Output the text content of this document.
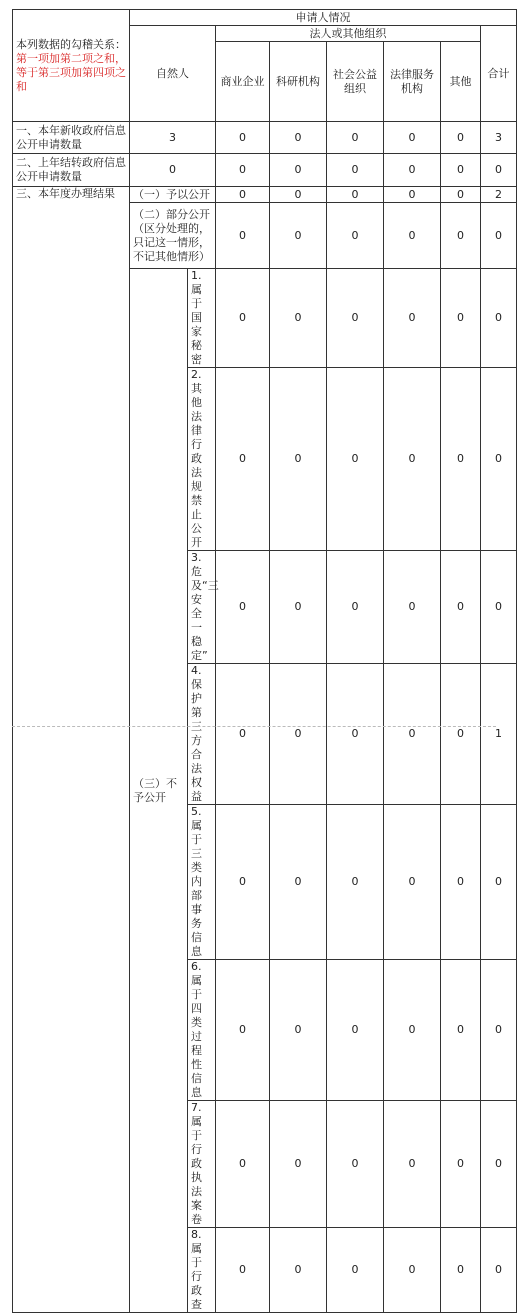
本列数据的勾稽关系：第一项加第二项之和，等于第三项加第四项之和	申请人情况							
	自然人		法人或其他组织					合计
			商业企业	科研机构	社会公益组织	法律服务机构	其他	
一、本年新收政府信息公开申请数量	3		0	0	0	0	0	3
二、上年结转政府信息公开申请数量	0		0	0	0	0	0	0
三、本年度办理结果	（一）予以公开		0	0	0	0	0	2
	（二）部分公开（区分处理的，只记这一情形，不记其他情形）		0	0	0	0	0	0
	（三）不予公开	1. 属于国家秘密	0	0	0	0	0	0
		2. 其他法律行政法规禁止公开	0	0	0	0	0	0
		3. 危及“三安全一稳定”	0	0	0	0	0	0
		4. 保护第三方合法权益	0	0	0	0	0	1
		5. 属于三类内部事务信息	0	0	0	0	0	0
		6. 属于四类过程性信息	0	0	0	0	0	0
		7. 属于行政执法案卷	0	0	0	0	0	0
		8. 属于行政查	0	0	0	0	0	0
